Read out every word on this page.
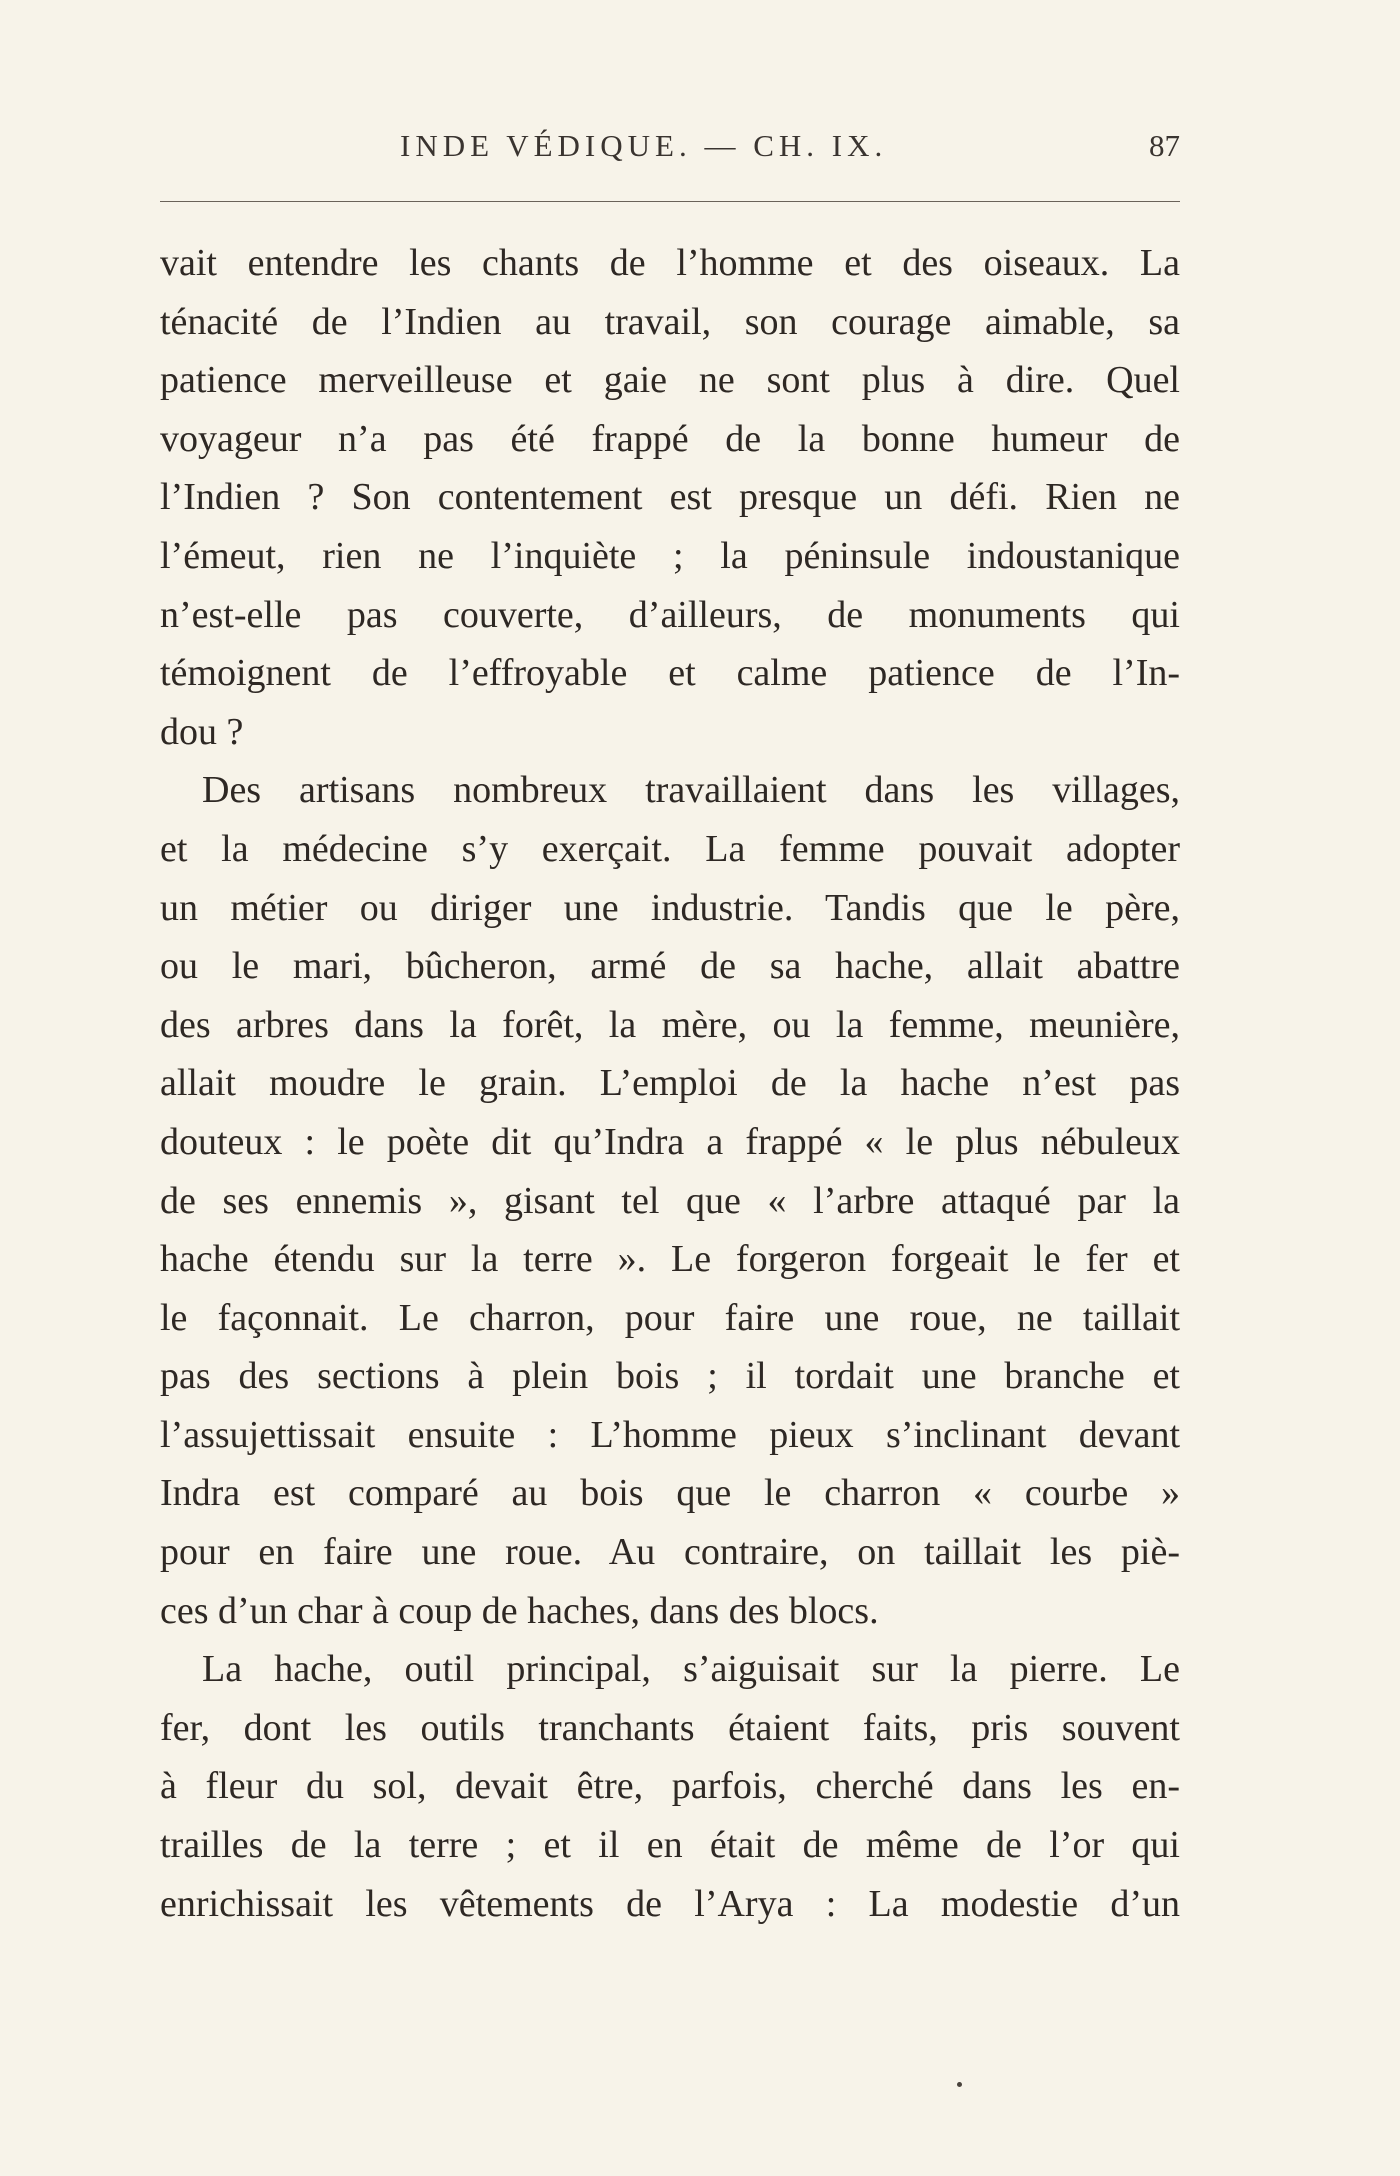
INDE VÉDIQUE. — CH. IX.	87
vait entendre les chants de l’homme et des oiseaux. La
ténacité de l’Indien au travail, son courage aimable, sa
patience merveilleuse et gaie ne sont plus à dire. Quel
voyageur n’a pas été frappé de la bonne humeur de
l’Indien ? Son contentement est presque un défi. Rien ne
l’émeut, rien ne l’inquiète ; la péninsule indoustanique
n’est-elle pas couverte, d’ailleurs, de monuments qui
témoignent de l’effroyable et calme patience de l’In-
dou ?
Des artisans nombreux travaillaient dans les villages,
et la médecine s’y exerçait. La femme pouvait adopter
un métier ou diriger une industrie. Tandis que le père,
ou le mari, bûcheron, armé de sa hache, allait abattre
des arbres dans la forêt, la mère, ou la femme, meunière,
allait moudre le grain. L’emploi de la hache n’est pas
douteux : le poète dit qu’Indra a frappé « le plus nébuleux
de ses ennemis », gisant tel que « l’arbre attaqué par la
hache étendu sur la terre ». Le forgeron forgeait le fer et
le façonnait. Le charron, pour faire une roue, ne taillait
pas des sections à plein bois ; il tordait une branche et
l’assujettissait ensuite : L’homme pieux s’inclinant devant
Indra est comparé au bois que le charron « courbe »
pour en faire une roue. Au contraire, on taillait les piè-
ces d’un char à coup de haches, dans des blocs.
La hache, outil principal, s’aiguisait sur la pierre. Le
fer, dont les outils tranchants étaient faits, pris souvent
à fleur du sol, devait être, parfois, cherché dans les en-
trailles de la terre ; et il en était de même de l’or qui
enrichissait les vêtements de l’Arya : La modestie d’un
